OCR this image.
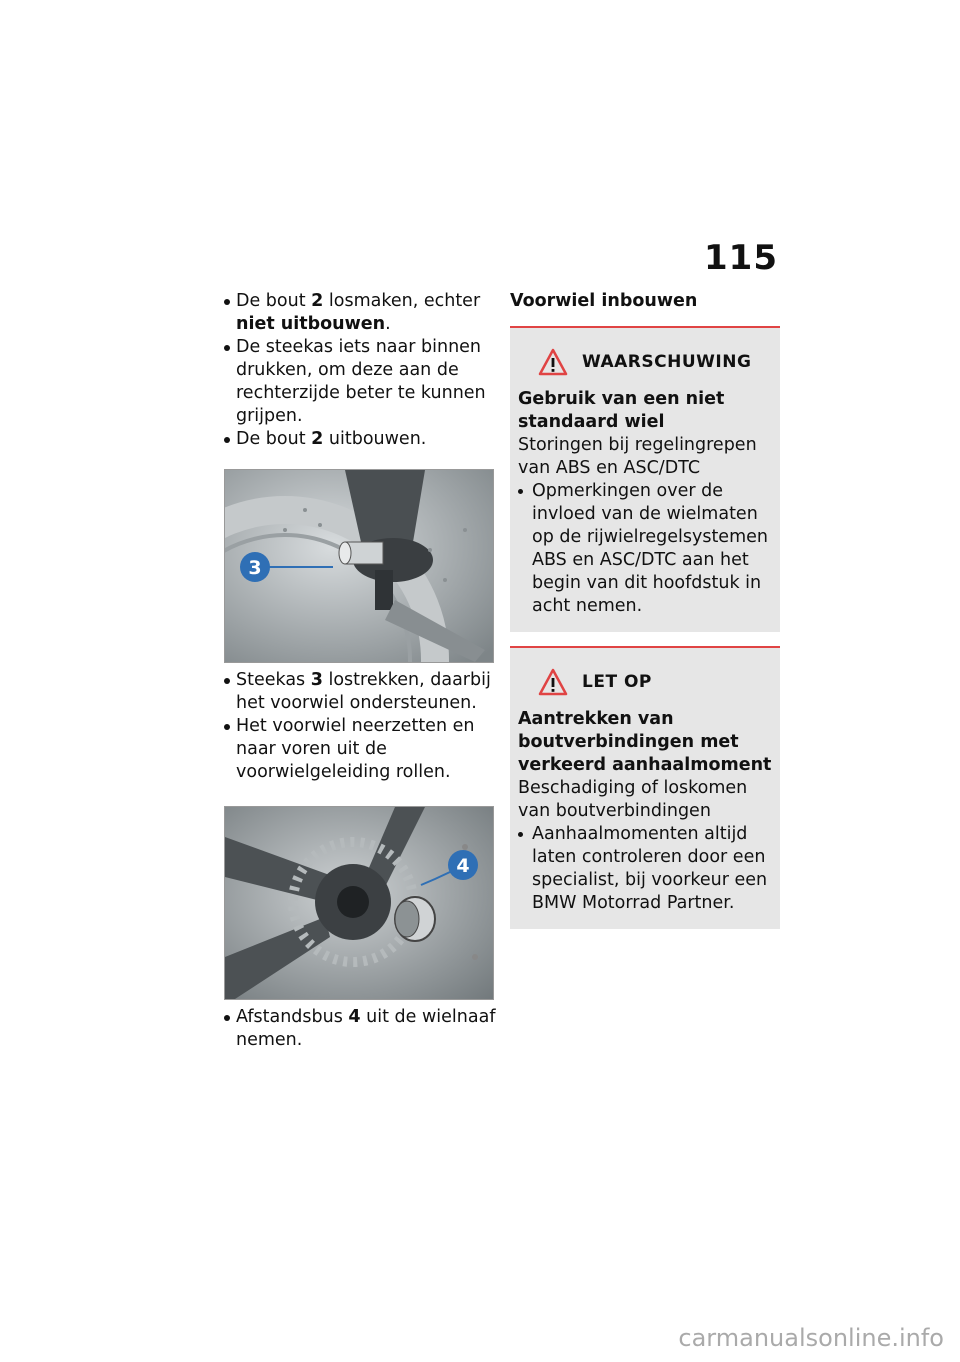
115
De bout 2 losmaken, echter niet uitbouwen.
De steekas iets naar binnen drukken, om deze aan de rechterzijde beter te kunnen grijpen.
De bout 2 uitbouwen.
3
Steekas 3 lostrekken, daarbij het voorwiel ondersteunen.
Het voorwiel neerzetten en naar voren uit de voorwielgeleiding rollen.
4
Afstandsbus 4 uit de wielnaaf nemen.
Voorwiel inbouwen
WAARSCHUWING

Gebruik van een niet standaard wiel

Storingen bij regelingrepen van ABS en ASC/DTC

Opmerkingen over de invloed van de wielmaten op de rijwielregelsystemen ABS en ASC/DTC aan het begin van dit hoofdstuk in acht nemen.
LET OP

Aantrekken van boutverbindingen met verkeerd aanhaalmoment

Beschadiging of loskomen van boutverbindingen

Aanhaalmomenten altijd laten controleren door een specialist, bij voorkeur een BMW Motorrad Partner.
carmanualsonline.info
